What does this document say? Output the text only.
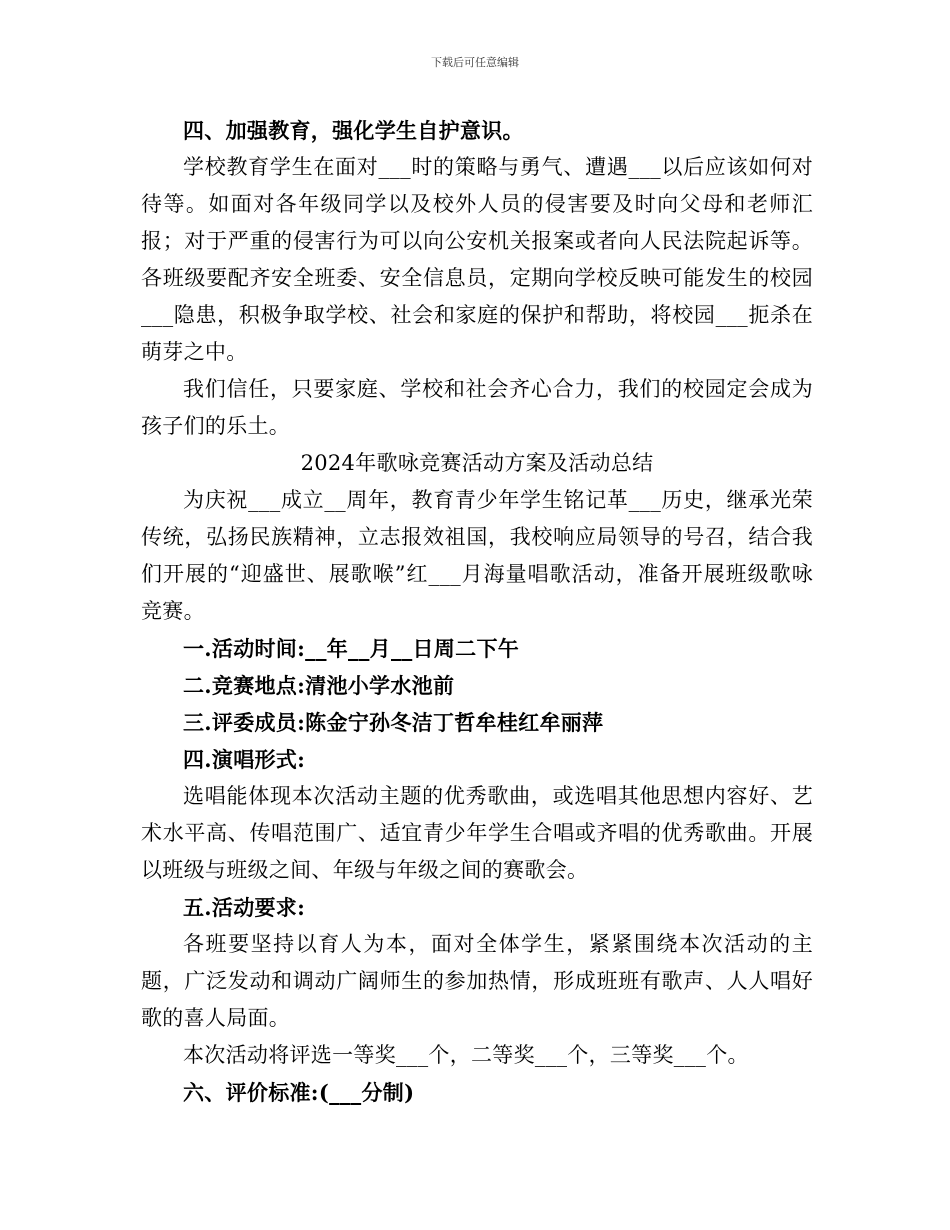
下载后可任意编辑

四、加强教育，强化学生自护意识。

学校教育学生在面对___时的策略与勇气、遭遇___以后应该如何对待等。如面对各年级同学以及校外人员的侵害要及时向父母和老师汇报；对于严重的侵害行为可以向公安机关报案或者向人民法院起诉等。各班级要配齐安全班委、安全信息员，定期向学校反映可能发生的校园___隐患，积极争取学校、社会和家庭的保护和帮助，将校园___扼杀在萌芽之中。

我们信任，只要家庭、学校和社会齐心合力，我们的校园定会成为孩子们的乐土。

2024年歌咏竞赛活动方案及活动总结

为庆祝___成立__周年，教育青少年学生铭记革___历史，继承光荣传统，弘扬民族精神，立志报效祖国，我校响应局领导的号召，结合我们开展的“迎盛世、展歌喉”红___月海量唱歌活动，准备开展班级歌咏竞赛。

一.活动时间:__年__月__日周二下午

二.竞赛地点:清池小学水池前

三.评委成员:陈金宁孙冬洁丁哲牟桂红牟丽萍

四.演唱形式:

选唱能体现本次活动主题的优秀歌曲，或选唱其他思想内容好、艺术水平高、传唱范围广、适宜青少年学生合唱或齐唱的优秀歌曲。开展以班级与班级之间、年级与年级之间的赛歌会。

五.活动要求:

各班要坚持以育人为本，面对全体学生，紧紧围绕本次活动的主题，广泛发动和调动广阔师生的参加热情，形成班班有歌声、人人唱好歌的喜人局面。

本次活动将评选一等奖___个，二等奖___个，三等奖___个。

六、评价标准:(___分制)
